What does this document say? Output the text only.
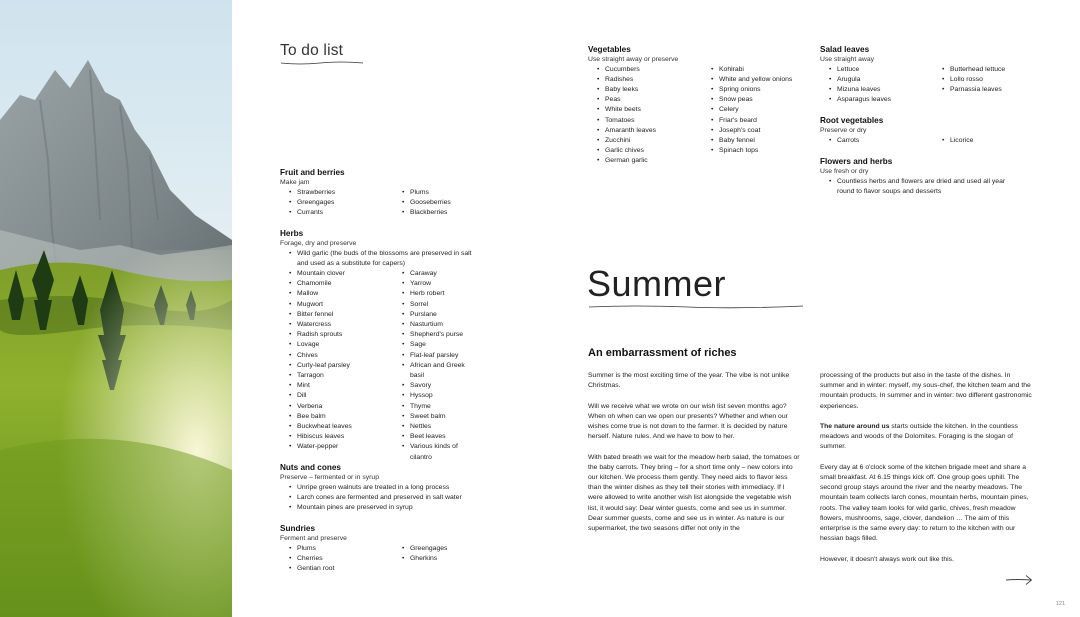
To do list
Fruit and berries
Make jam
• Strawberries
• Greengages
• Currants
• Plums
• Gooseberries
• Blackberries
Herbs
Forage, dry and preserve
• Wild garlic (the buds of the blossoms are preserved in salt and used as a substitute for capers)
• Mountain clover
• Chamomile
• Mallow
• Mugwort
• Bitter fennel
• Watercress
• Radish sprouts
• Lovage
• Chives
• Curly-leaf parsley
• Tarragon
• Mint
• Dill
• Verbena
• Bee balm
• Buckwheat leaves
• Hibiscus leaves
• Water-pepper
• Caraway
• Yarrow
• Herb robert
• Sorrel
• Purslane
• Nasturtium
• Shepherd's purse
• Sage
• Flat-leaf parsley
• African and Greek basil
• Savory
• Hyssop
• Thyme
• Sweet balm
• Nettles
• Beet leaves
• Various kinds of cilantro
Nuts and cones
Preserve – fermented or in syrup
• Unripe green walnuts are treated in a long process
• Larch cones are fermented and preserved in salt water
• Mountain pines are preserved in syrup
Sundries
Ferment and preserve
• Plums
• Cherries
• Gentian root
• Greengages
• Gherkins
Vegetables
Use straight away or preserve
• Cucumbers
• Radishes
• Baby leeks
• Peas
• White beets
• Tomatoes
• Amaranth leaves
• Zucchini
• Garlic chives
• German garlic
• Kohlrabi
• White and yellow onions
• Spring onions
• Snow peas
• Celery
• Friar's beard
• Joseph's coat
• Baby fennel
• Spinach tops
Salad leaves
Use straight away
• Lettuce
• Arugula
• Mizuna leaves
• Asparagus leaves
• Butterhead lettuce
• Lollo rosso
• Parnassia leaves
Root vegetables
Preserve or dry
• Carrots
•	Licorice
Flowers and herbs
Use fresh or dry
• Countless herbs and flowers are dried and used all year round to flavor soups and desserts
Summer
An embarrassment of riches

Summer is the most exciting time of the year. The vibe is not unlike Christmas.

Will we receive what we wrote on our wish list seven months ago? When oh when can we open our presents? Whether and when our wishes come true is not down to the farmer. It is decided by nature herself. Nature rules. And we have to bow to her.

With bated breath we wait for the meadow herb salad, the tomatoes or the baby carrots. They bring – for a short time only – new colors into our kitchen. We process them gently. They need aids to flavor less than the winter dishes as they tell their stories with immediacy. If I were allowed to write another wish list alongside the vegetable wish list, it would say: Dear winter guests, come and see us in summer. Dear summer guests, come and see us in winter. As nature is our supermarket, the two seasons differ not only in the

processing of the products but also in the taste of the dishes. In summer and in winter: myself, my sous-chef, the kitchen team and the mountain products. In summer and in winter: two different gastronomic experiences.

The nature around us starts outside the kitchen. In the countless meadows and woods of the Dolomites. Foraging is the slogan of summer.

Every day at 6 o'clock some of the kitchen brigade meet and share a small breakfast. At 6.15 things kick off. One group goes uphill. The second group stays around the river and the nearby meadows. The mountain team collects larch cones, mountain herbs, mountain pines, roots. The valley team looks for wild garlic, chives, fresh meadow flowers, mushrooms, sage, clover, dandelion … The aim of this enterprise is the same every day: to return to the kitchen with our hessian bags filled.

However, it doesn't always work out like this.

121
